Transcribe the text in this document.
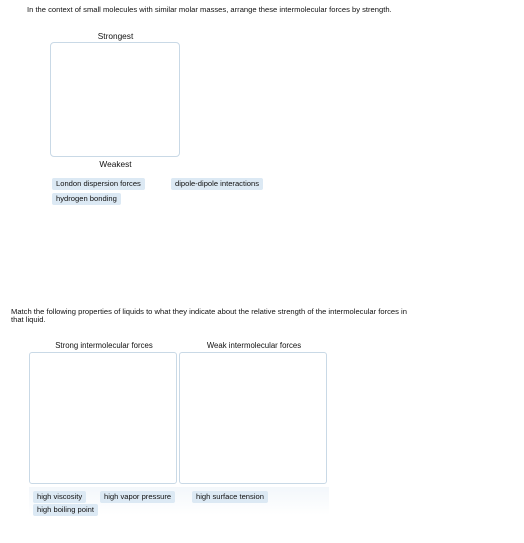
In the context of small molecules with similar molar masses, arrange these intermolecular forces by strength.
Strongest
Weakest
London dispersion forces	dipole-dipole interactions
hydrogen bonding
Match the following properties of liquids to what they indicate about the relative strength of the intermolecular forces in that liquid.
Strong intermolecular forces	Weak intermolecular forces
high viscosity	high vapor pressure	high surface tension
high boiling point
